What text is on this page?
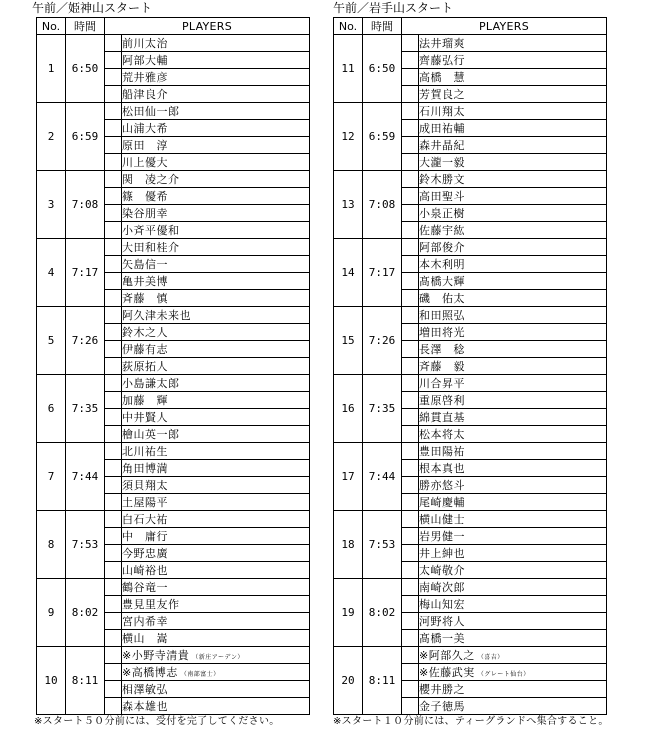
午前／姫神山スタート
No.	時間	PLAYERS	
1	6:50		前川太治
			阿部大輔
			荒井雅彦
			船津良介
2	6:59		松田仙一郎
			山浦大希
			原田　淳
			川上優大
3	7:08		関　凌之介
			篠　優希
			染谷朋幸
			小斉平優和
4	7:17		大田和桂介
			矢島信一
			亀井美博
			斉藤　慎
5	7:26		阿久津未来也
			鈴木之人
			伊藤有志
			荻原拓人
6	7:35		小島謙太郎
			加藤　輝
			中井賢人
			檜山英一郎
7	7:44		北川祐生
			角田博満
			須貝翔太
			土屋陽平
8	7:53		白石大祐
			中　庸行
			今野忠廣
			山崎裕也
9	8:02		鶴谷竜一
			豊見里友作
			宮内希幸
			横山　嵩
10	8:11		※小野寺清貴 （新庄アーデン）
			※高橋博志 （南部富士）
			相澤敏弘
			森本雄也
午前／岩手山スタート
No.	時間	PLAYERS	
11	6:50		法井瑠爽
			齊藤弘行
			高橋　慧
			芳賀良之
12	6:59		石川翔太
			成田祐輔
			森井晶紀
			大瀧一毅
13	7:08		鈴木勝文
			高田聖斗
			小泉正樹
			佐藤宇紘
14	7:17		阿部俊介
			本木利明
			髙橋大輝
			磯　佑太
15	7:26		和田照弘
			増田将光
			長澤　稔
			斉藤　毅
16	7:35		川合昇平
			重原啓利
			綿貫直基
			松本将太
17	7:44		豊田陽祐
			根本真也
			勝亦悠斗
			尾崎慶輔
18	7:53		横山健士
			岩男健一
			井上紳也
			太崎敬介
19	8:02		南崎次郎
			梅山知宏
			河野将人
			髙橋一美
20	8:11		※阿部久之 （喜吉）
			※佐藤武実 （グレート仙台）
			櫻井勝之
			金子徳馬
※スタート５０分前には、受付を完了してください。	※スタート１０分前には、ティーグランドへ集合すること。
